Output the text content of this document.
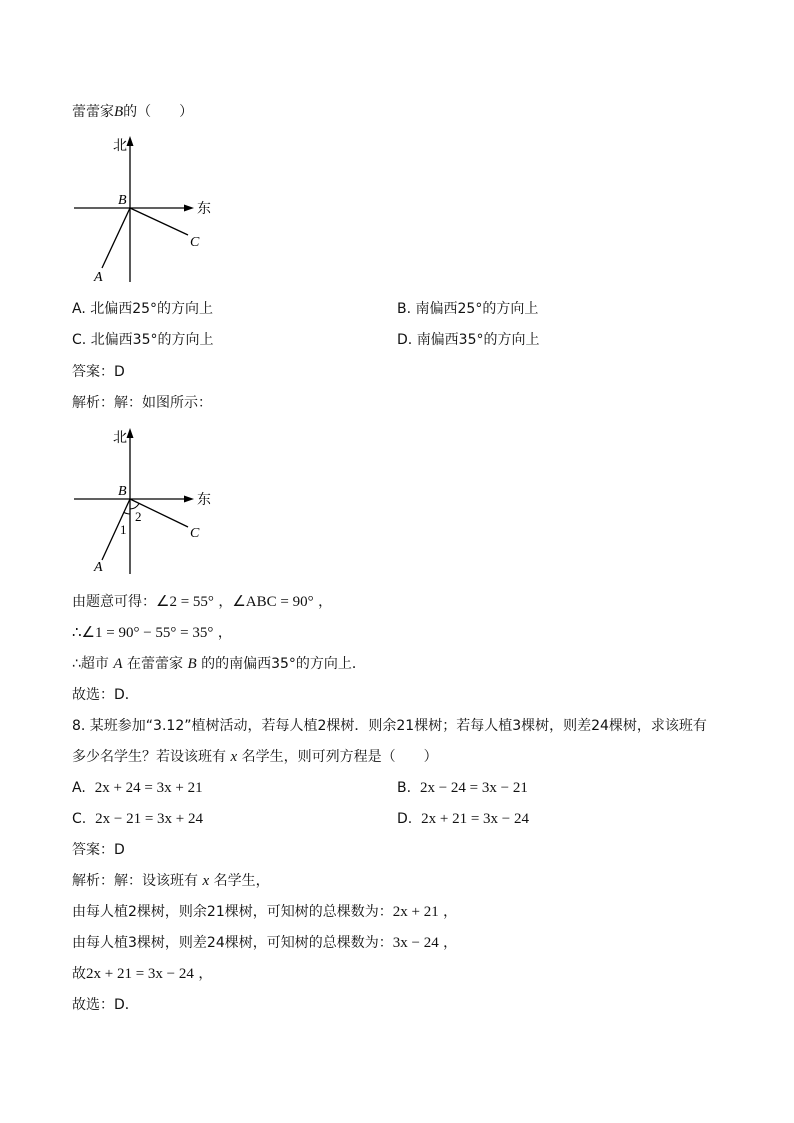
蕾蕾家B的（　　）
北
东
B
C
A
A. 北偏西25°的方向上	B. 南偏西25°的方向上
C. 北偏西35°的方向上	D. 南偏西35°的方向上
答案：D
解析：解：如图所示：
北
东
B
C
A
1
2
由题意可得：∠2 = 55° ，∠ABC = 90° ，
∴∠1 = 90° − 55° = 35° ，
∴超市 A 在蕾蕾家 B 的的南偏西35°的方向上．
故选：D．
8. 某班参加“3.12”植树活动，若每人植2棵树．则余21棵树；若每人植3棵树，则差24棵树，求该班有
多少名学生？若设该班有 x 名学生，则可列方程是（　　）
A. 2x + 24 = 3x + 21	B. 2x − 24 = 3x − 21
C. 2x − 21 = 3x + 24	D. 2x + 21 = 3x − 24
答案：D
解析：解：设该班有 x 名学生，
由每人植2棵树，则余21棵树，可知树的总棵数为：2x + 21 ，
由每人植3棵树，则差24棵树，可知树的总棵数为：3x − 24 ，
故2x + 21 = 3x − 24 ，
故选：D．
